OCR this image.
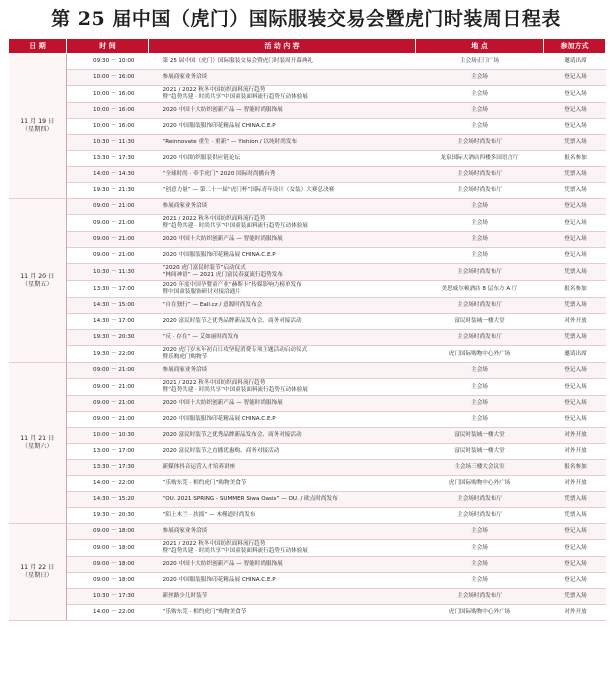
第 25 届中国（虎门）国际服装交易会暨虎门时装周日程表
日 期	时 间	活 动 内 容	地 点	参加方式

11 月 19 日
（星期四）	09:30 － 10:00	第 25 届中国（虎门）国际服装交易会暨虎门时装周开幕典礼	主会场正门广场	邀请出席
	10:00 － 16:00	参展商家业务洽谈	主会场	登记入场
	10:00 － 16:00	2021 / 2022 秋冬中国纺织面料流行趋势
暨“趋势共建 · 时尚共享”中国童装面料流行趋势互动体验展	主会场	登记入场
	10:00 － 16:00	2020 中国十大纺织创新产品 — 智能时尚服饰展	主会场	登记入场
	10:00 － 16:00	2020 中国服装服饰印花精品展 CHINA.C.E.P	主会场	登记入场
	10:30 － 11:30	“Reinnovate 重生 · 重新” — Yishion / 以纯时尚发布	主会场时尚发布厅	凭票入场
	13:30 － 17:30	2020 中国纺织服装供应链论坛	龙泉国际大酒店四楼多国语言厅	报名参加
	14:00 － 14:30	“全球时尚 · 牵手虎门” 2020 国际时尚播台秀	主会场时尚发布厅	凭票入场
	19:30 － 21:30	“创意力量” — 第二十一届“虎门杯”国际青年设计（女装）大赛总决赛	主会场时尚发布厅	凭票入场

11 月 20 日
（星期五）	09:00 － 21:00	参展商家业务洽谈	主会场	登记入场
	09:00 － 21:00	2021 / 2022 秋冬中国纺织面料流行趋势
暨“趋势共建 · 时尚共享”中国童装面料流行趋势互动体验展	主会场	登记入场
	09:00 － 21:00	2020 中国十大纺织创新产品 — 智能时尚服饰展	主会场	登记入场
	09:00 － 21:00	2020 中国服装服饰印花精品展 CHINA.C.E.P	主会场	登记入场
	10:30 － 11:30	“2020 虎门富民时装节”启动仪式
“林间神语” — 2021 虎门富民春夏流行趋势发布	主会场时尚发布厅	凭票入场
	13:30 － 17:00	2020 年度中国孕婴童产业“赫斯卡”传媒影响力榜单发布
暨中国童装服饰研讨对接洽通片	美思威尔顿酒店 8 层东方 A 厅	报名参加
	14:30 － 15:00	“自在独行” — Eall.cz / 意源时尚发布会	主会场时尚发布厅	凭票入场
	14:30 － 17:00	2020 富民时装节之优秀品牌新品发布会、商务对接活动	富民时装城一楼大堂	对外开放
	19:30 － 20:30	“反 · 存在” — 艾如丽时尚发布	主会场时尚发布厅	凭票入场
	19:30 － 22:00	2020 虎门岁末年初百日攻坚促消费专项主题活动启动仪式
暨乐购虎门购物节	虎门国际购物中心外广场	邀请出席

11 月 21 日
（星期六）	09:00 － 21:00	参展商家业务洽谈	主会场	登记入场
	09:00 － 21:00	2021 / 2022 秋冬中国纺织面料流行趋势
暨“趋势共建 · 时尚共享”中国童装面料流行趋势互动体验展	主会场	登记入场
	09:00 － 21:00	2020 中国十大纺织创新产品 — 智能时尚服饰展	主会场	登记入场
	09:00 － 21:00	2020 中国服装服饰印花精品展 CHINA.C.E.P	主会场	登记入场
	10:00 － 10:30	2020 富民时装节之优秀品牌新品发布会、商务对接活动	富民时装城一楼大堂	对外开放
	13:00 － 17:00	2020 富民时装节之直播优惠购、商务对接活动	富民时装城一楼大堂	对外开放
	13:30 － 17:30	新媒体抖音运营人才培养讲座	主会场三楼大会议室	报名参加
	14:00 － 22:00	“乐购东莞 · 相约虎门”购物美食节	虎门国际购物中心外广场	对外开放
	14:30 － 15:20	“OU. 2021 SPRING - SUMMER Siwa Oasis” — OU. / 欧点时尚发布	主会场时尚发布厅	凭票入场
	19:30 － 20:30	“陌上木兰 · 扶摇” — 木槿道时尚发布	主会场时尚发布厅	凭票入场

11 月 22 日
（星期日）	09:00 － 18:00	参展商家业务洽谈	主会场	登记入场
	09:00 － 18:00	2021 / 2022 秋冬中国纺织面料流行趋势
暨“趋势共建 · 时尚共享”中国童装面料流行趋势互动体验展	主会场	登记入场
	09:00 － 18:00	2020 中国十大纺织创新产品 — 智能时尚服饰展	主会场	登记入场
	09:00 － 18:00	2020 中国服装服饰印花精品展 CHINA.C.E.P	主会场	登记入场
	10:30 － 17:30	新丝路少儿时装节	主会场时尚发布厅	凭票入场
	14:00 － 22:00	“乐购东莞 · 相约虎门”购物美食节	虎门国际购物中心外广场	对外开放
